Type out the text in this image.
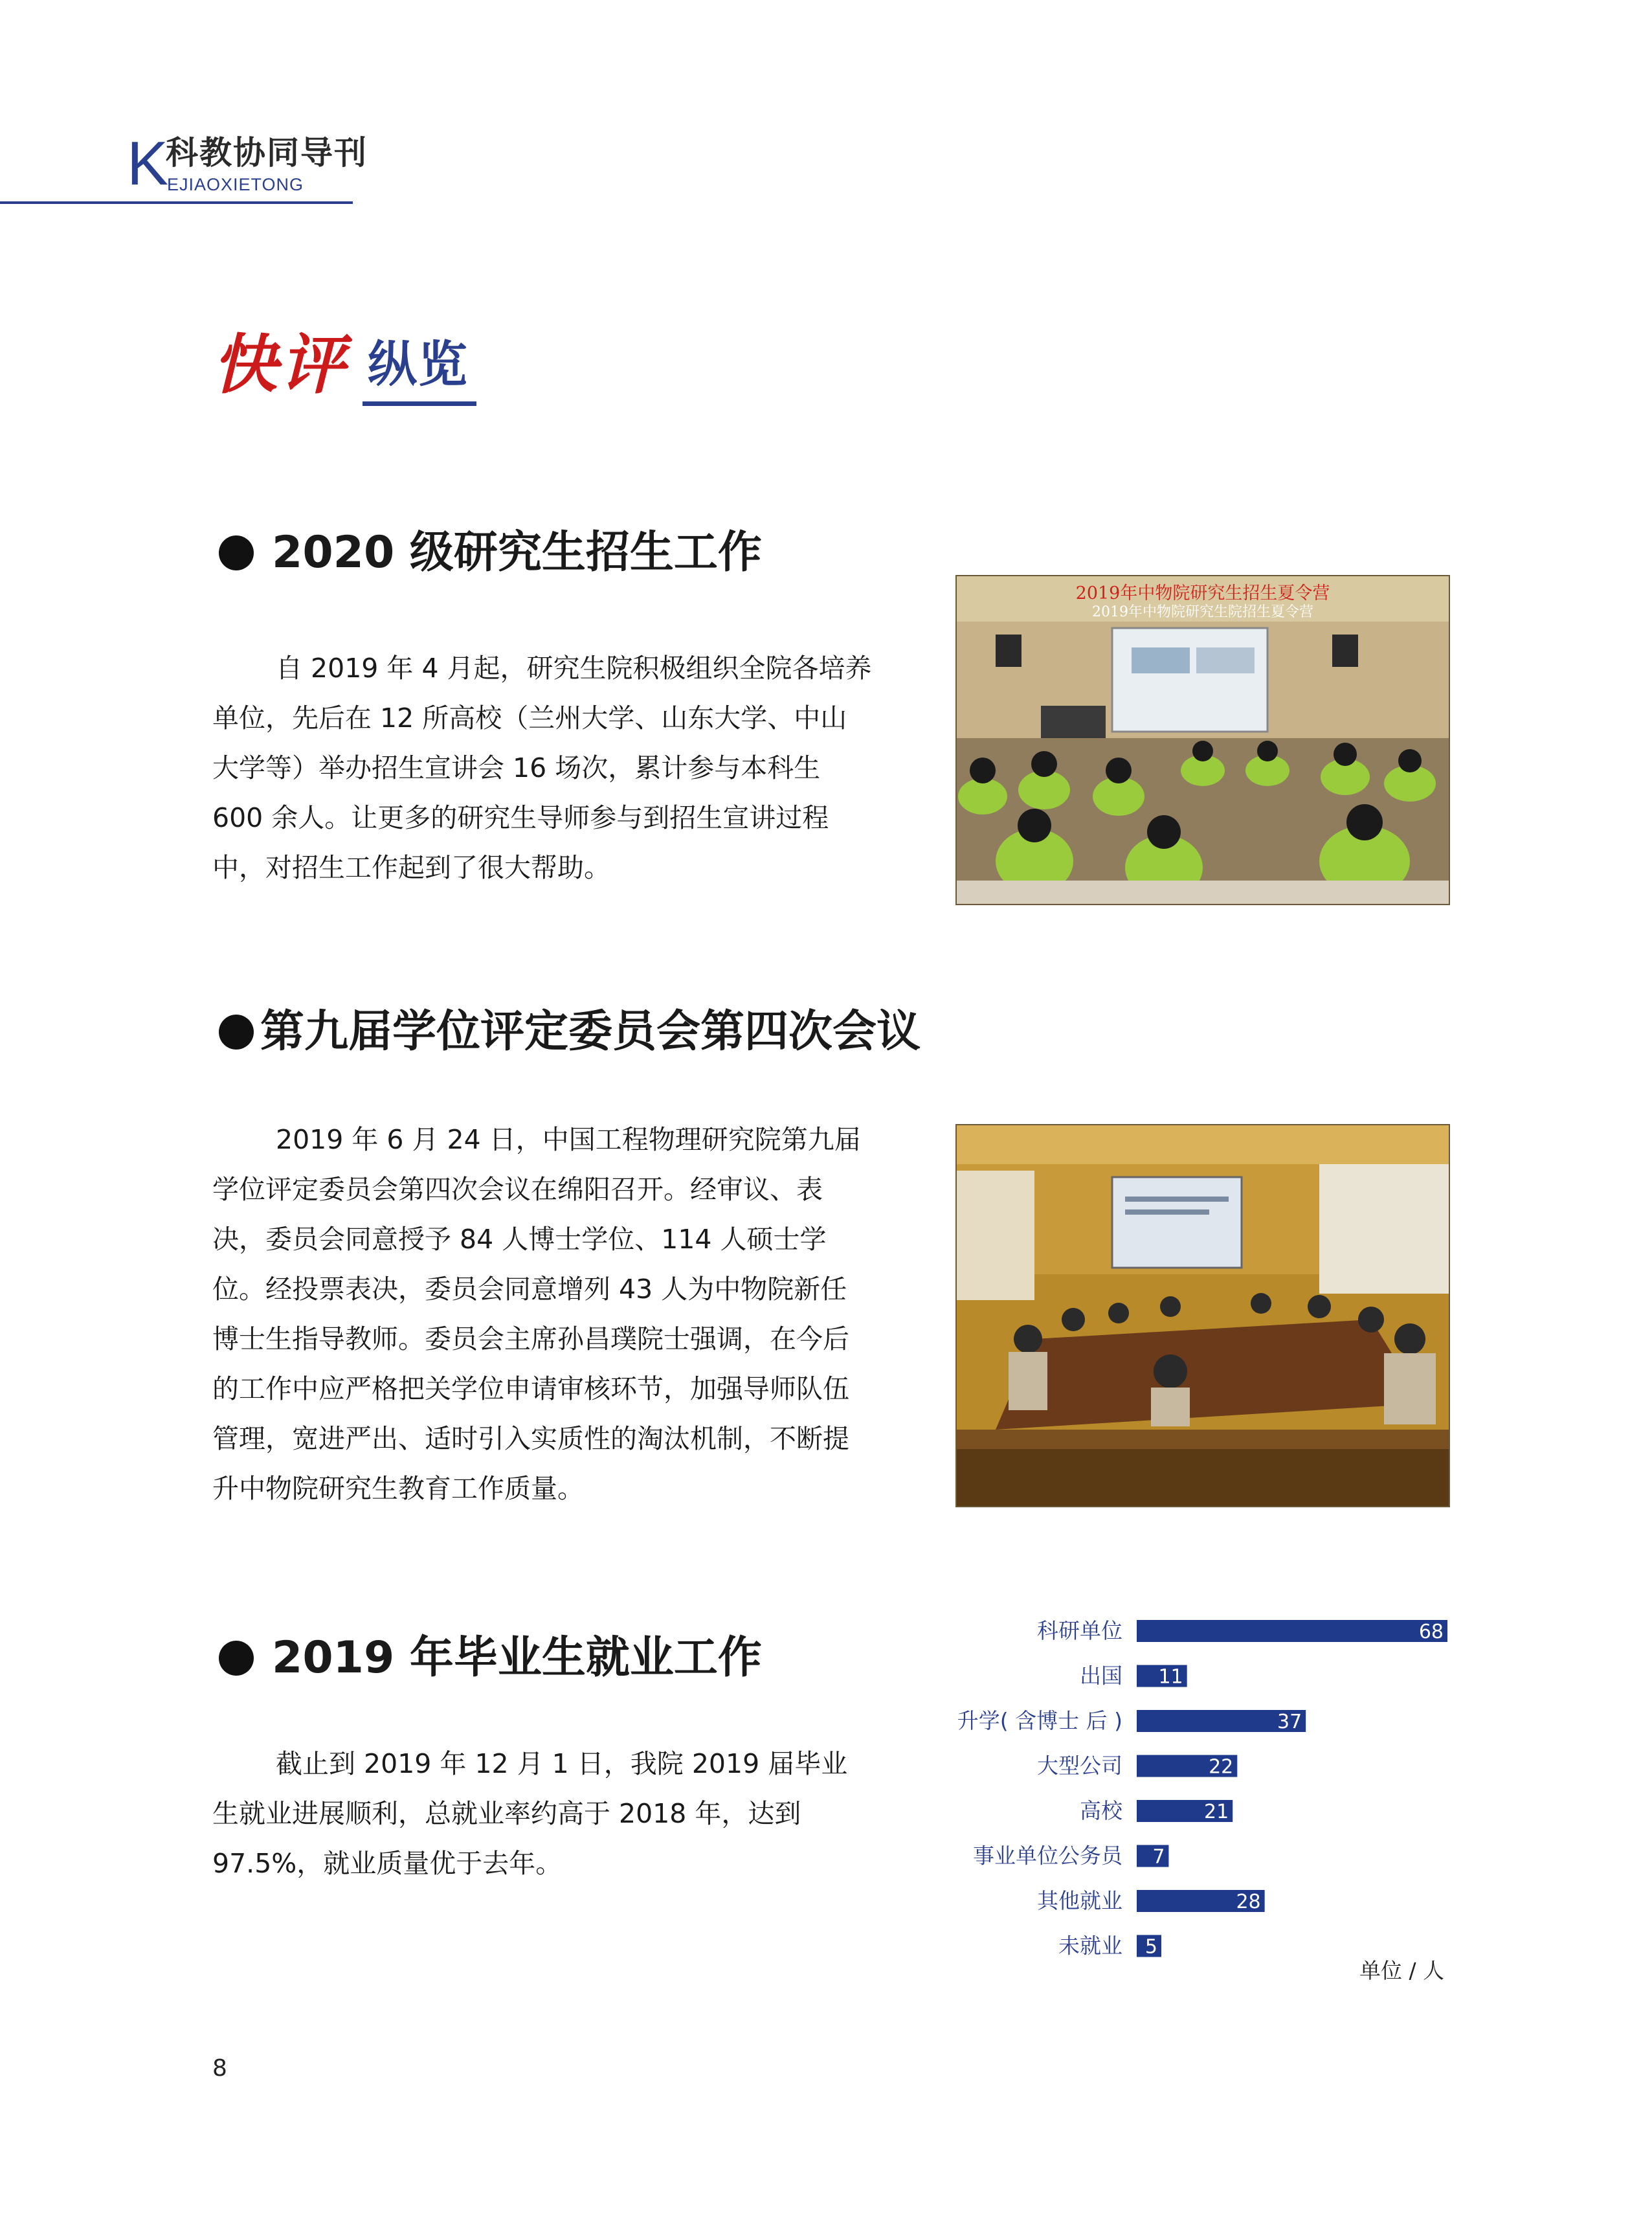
K
科教协同导刊
EJIAOXIETONG
快评 纵览
2020 级研究生招生工作

自 2019 年 4 月起，研究生院积极组织全院各培养单位，先后在 12 所高校（兰州大学、山东大学、中山大学等）举办招生宣讲会 16 场次，累计参与本科生 600 余人。让更多的研究生导师参与到招生宣讲过程中，对招生工作起到了很大帮助。

2019年中物院研究生招生夏令营
2019年中物院研究生院招生夏令营
第九届学位评定委员会第四次会议

2019 年 6 月 24 日，中国工程物理研究院第九届学位评定委员会第四次会议在绵阳召开。经审议、表决，委员会同意授予 84 人博士学位、114 人硕士学位。经投票表决，委员会同意增列 43 人为中物院新任博士生指导教师。委员会主席孙昌璞院士强调，在今后的工作中应严格把关学位申请审核环节，加强导师队伍管理，宽进严出、适时引入实质性的淘汰机制，不断提升中物院研究生教育工作质量。

2019 年毕业生就业工作

截止到 2019 年 12 月 1 日，我院 2019 届毕业生就业进展顺利，总就业率约高于 2018 年，达到 97.5%，就业质量优于去年。

科研单位	68
出国 11
升学( 含博士 后 )	37
大型公司	22
高校	21
事业单位公务员 7
其他就业	28
未就业 5
单位 / 人
8
